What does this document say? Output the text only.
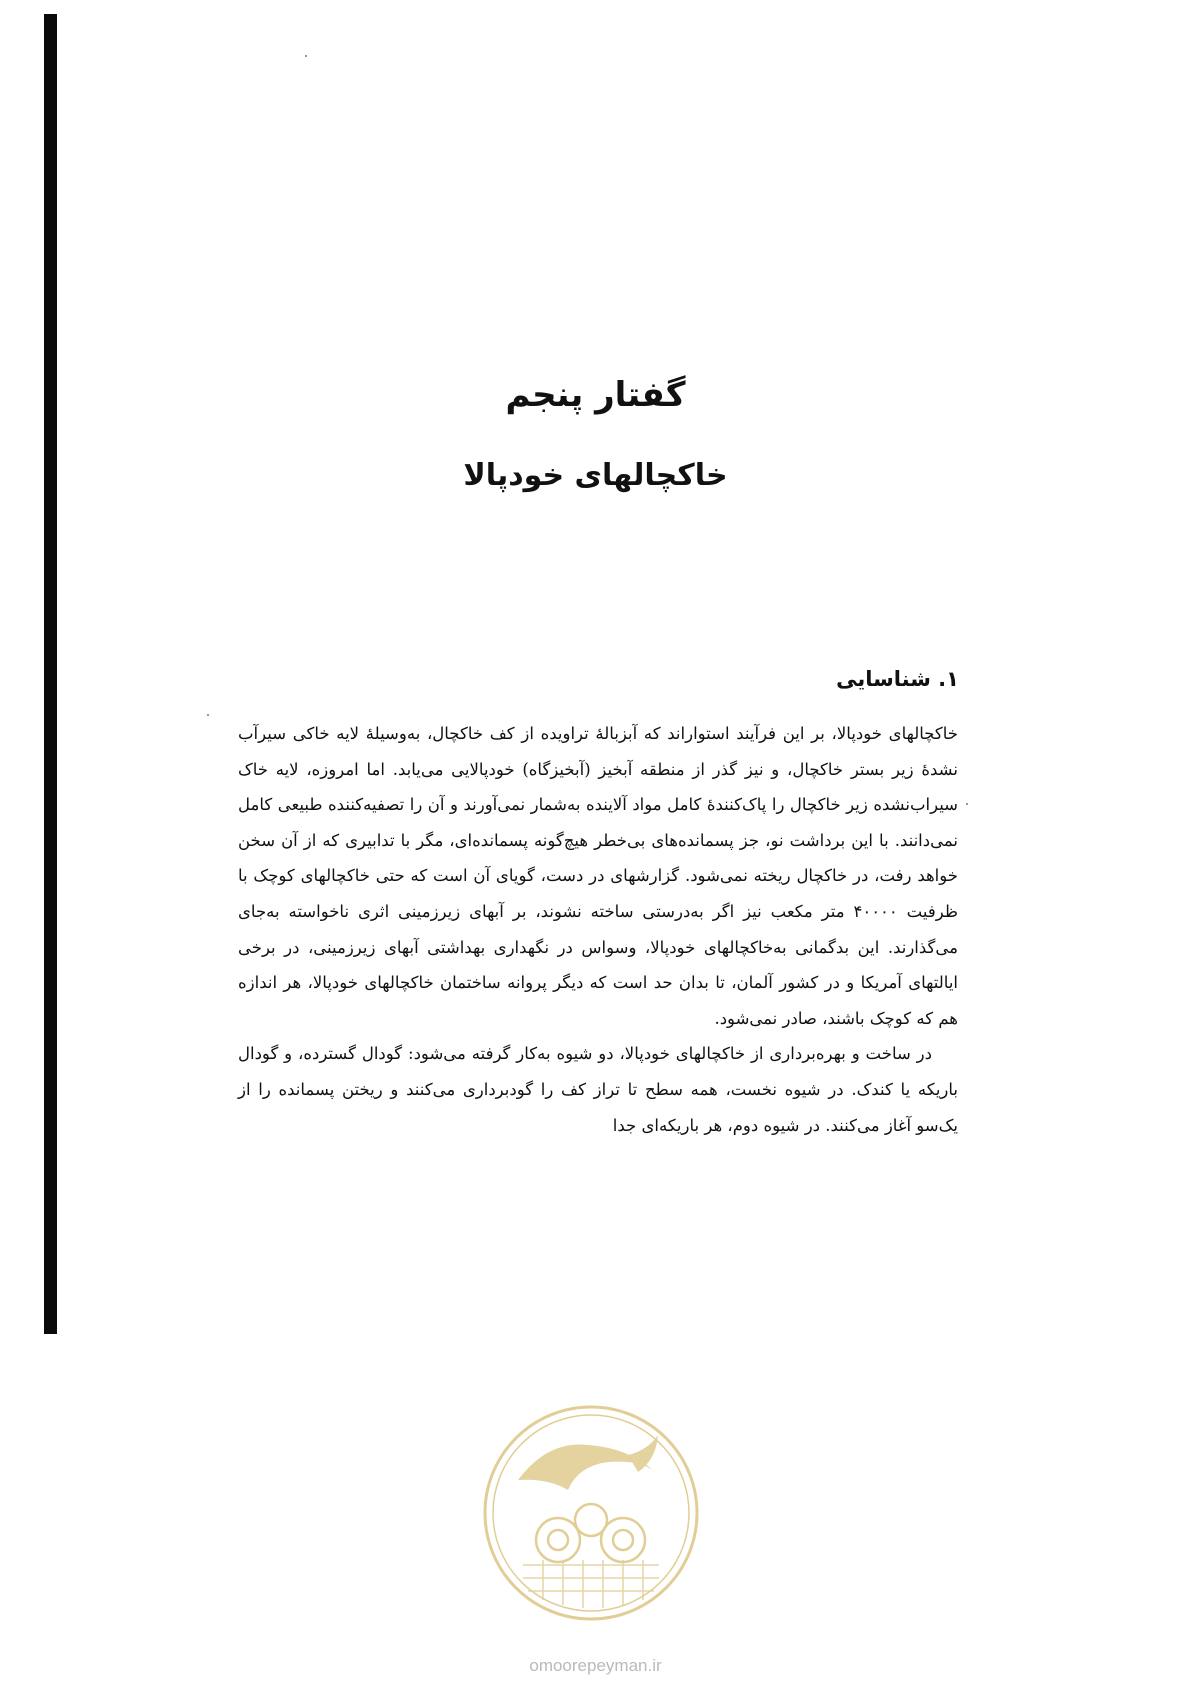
گفتار پنجم
خاکچالهای خودپالا
۱. شناسایی

خاکچالهای خودپالا، بر این فرآیند استواراند که آبزبالهٔ تراویده از کف خاکچال، به‌وسیلهٔ لایه خاکی سیرآب نشدهٔ زیر بستر خاکچال، و نیز گذر از منطقه آبخیز (آبخیزگاه) خودپالایی می‌یابد. اما امروزه، لایه خاک سیراب‌نشده زیر خاکچال را پاک‌کنندهٔ کامل مواد آلاینده به‌شمار نمی‌آورند و آن را تصفیه‌کننده طبیعی کامل نمی‌دانند. با این برداشت نو، جز پسمانده‌های بی‌خطر هیچ‌گونه پسمانده‌ای، مگر با تدابیری که از آن سخن خواهد رفت، در خاکچال ریخته نمی‌شود. گزارشهای در دست، گویای آن است که حتی خاکچالهای کوچک با ظرفیت ۴۰۰۰۰ متر مکعب نیز اگر به‌درستی ساخته نشوند، بر آبهای زیرزمینی اثری ناخواسته به‌جای می‌گذارند. این بدگمانی به‌خاکچالهای خودپالا، وسواس در نگهداری بهداشتی آبهای زیرزمینی، در برخی ایالتهای آمریکا و در کشور آلمان، تا بدان حد است که دیگر پروانه ساختمان خاکچالهای خودپالا، هر اندازه هم که کوچک باشند، صادر نمی‌شود.

در ساخت و بهره‌برداری از خاکچالهای خودپالا، دو شیوه به‌کار گرفته می‌شود: گودال گسترده، و گودال باریکه یا کندک. در شیوه نخست، همه سطح تا تراز کف را گودبرداری می‌کنند و ریختن پسمانده را از یک‌سو آغاز می‌کنند. در شیوه دوم، هر باریکه‌ای جدا

omoorepeyman.ir
